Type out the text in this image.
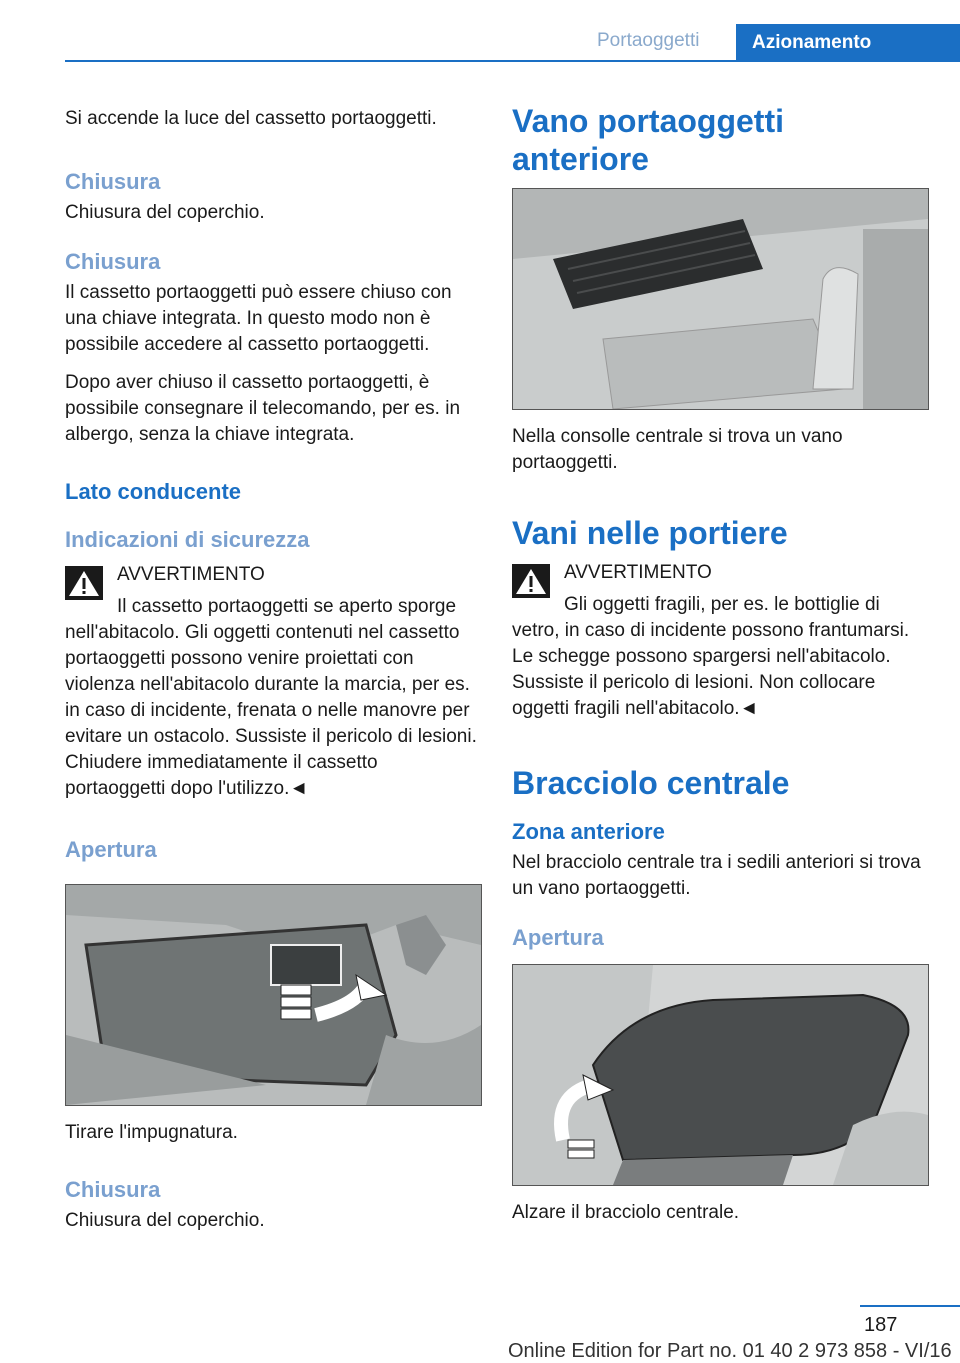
Portaoggetti	Azionamento

Si accende la luce del cassetto portaoggetti.

Chiusura

Chiusura del coperchio.

Chiusura

Il cassetto portaoggetti può essere chiuso con una chiave integrata. In questo modo non è possibile accedere al cassetto portaoggetti.

Dopo aver chiuso il cassetto portaoggetti, è possibile consegnare il telecomando, per es. in albergo, senza la chiave integrata.

Lato conducente
Indicazioni di sicurezza
AVVERTIMENTO
Il cassetto portaoggetti se aperto sporge nell'abitacolo. Gli oggetti contenuti nel cassetto portaoggetti possono venire proiettati con violenza nell'abitacolo durante la marcia, per es. in caso di incidente, frenata o nelle manovre per evitare un ostacolo. Sussiste il pericolo di lesioni. Chiudere immediatamente il cassetto portaoggetti dopo l'utilizzo.◄
Apertura

Tirare l'impugnatura.

Chiusura

Chiusura del coperchio.

Vano portaoggetti anteriore

Nella consolle centrale si trova un vano portaoggetti.

Vani nelle portiere
AVVERTIMENTO
Gli oggetti fragili, per es. le bottiglie di vetro, in caso di incidente possono frantumarsi. Le schegge possono spargersi nell'abitacolo. Sussiste il pericolo di lesioni. Non collocare oggetti fragili nell'abitacolo.◄
Bracciolo centrale
Zona anteriore

Nel bracciolo centrale tra i sedili anteriori si trova un vano portaoggetti.

Apertura

Alzare il bracciolo centrale.

187
Online Edition for Part no. 01 40 2 973 858 - VI/16
